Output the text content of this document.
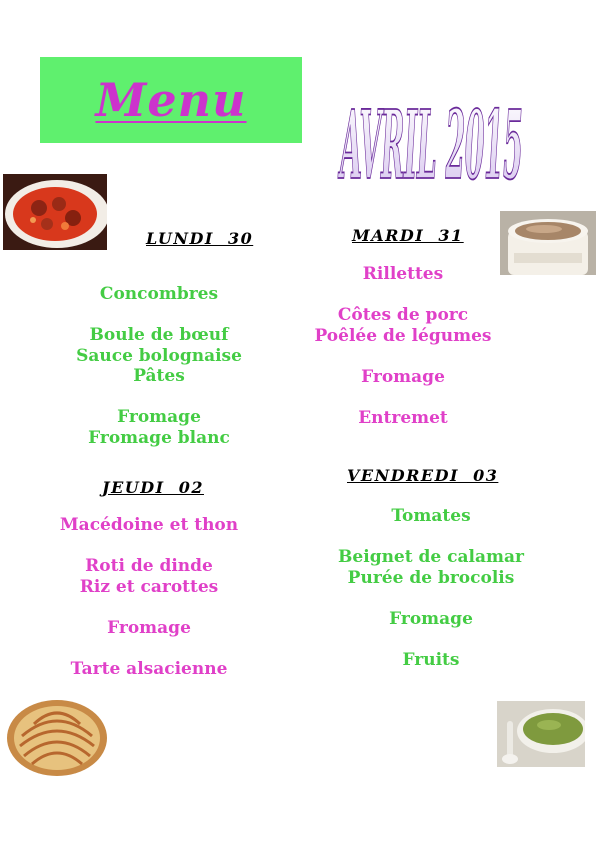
Menu AVRIL 2015
LUNDI  30	MARDI  31
JEUDI  02
VENDREDI  03
Concombres
Boule de bœuf
Sauce bolognaise
Pâtes
Fromage
Fromage blanc
Rillettes
Côtes de porc
Poêlée de légumes
Fromage
Entremet
Macédoine et thon
Roti de dinde
Riz et carottes
Fromage
Tarte alsacienne
Tomates
Beignet de calamar
Purée de brocolis
Fromage
Fruits
